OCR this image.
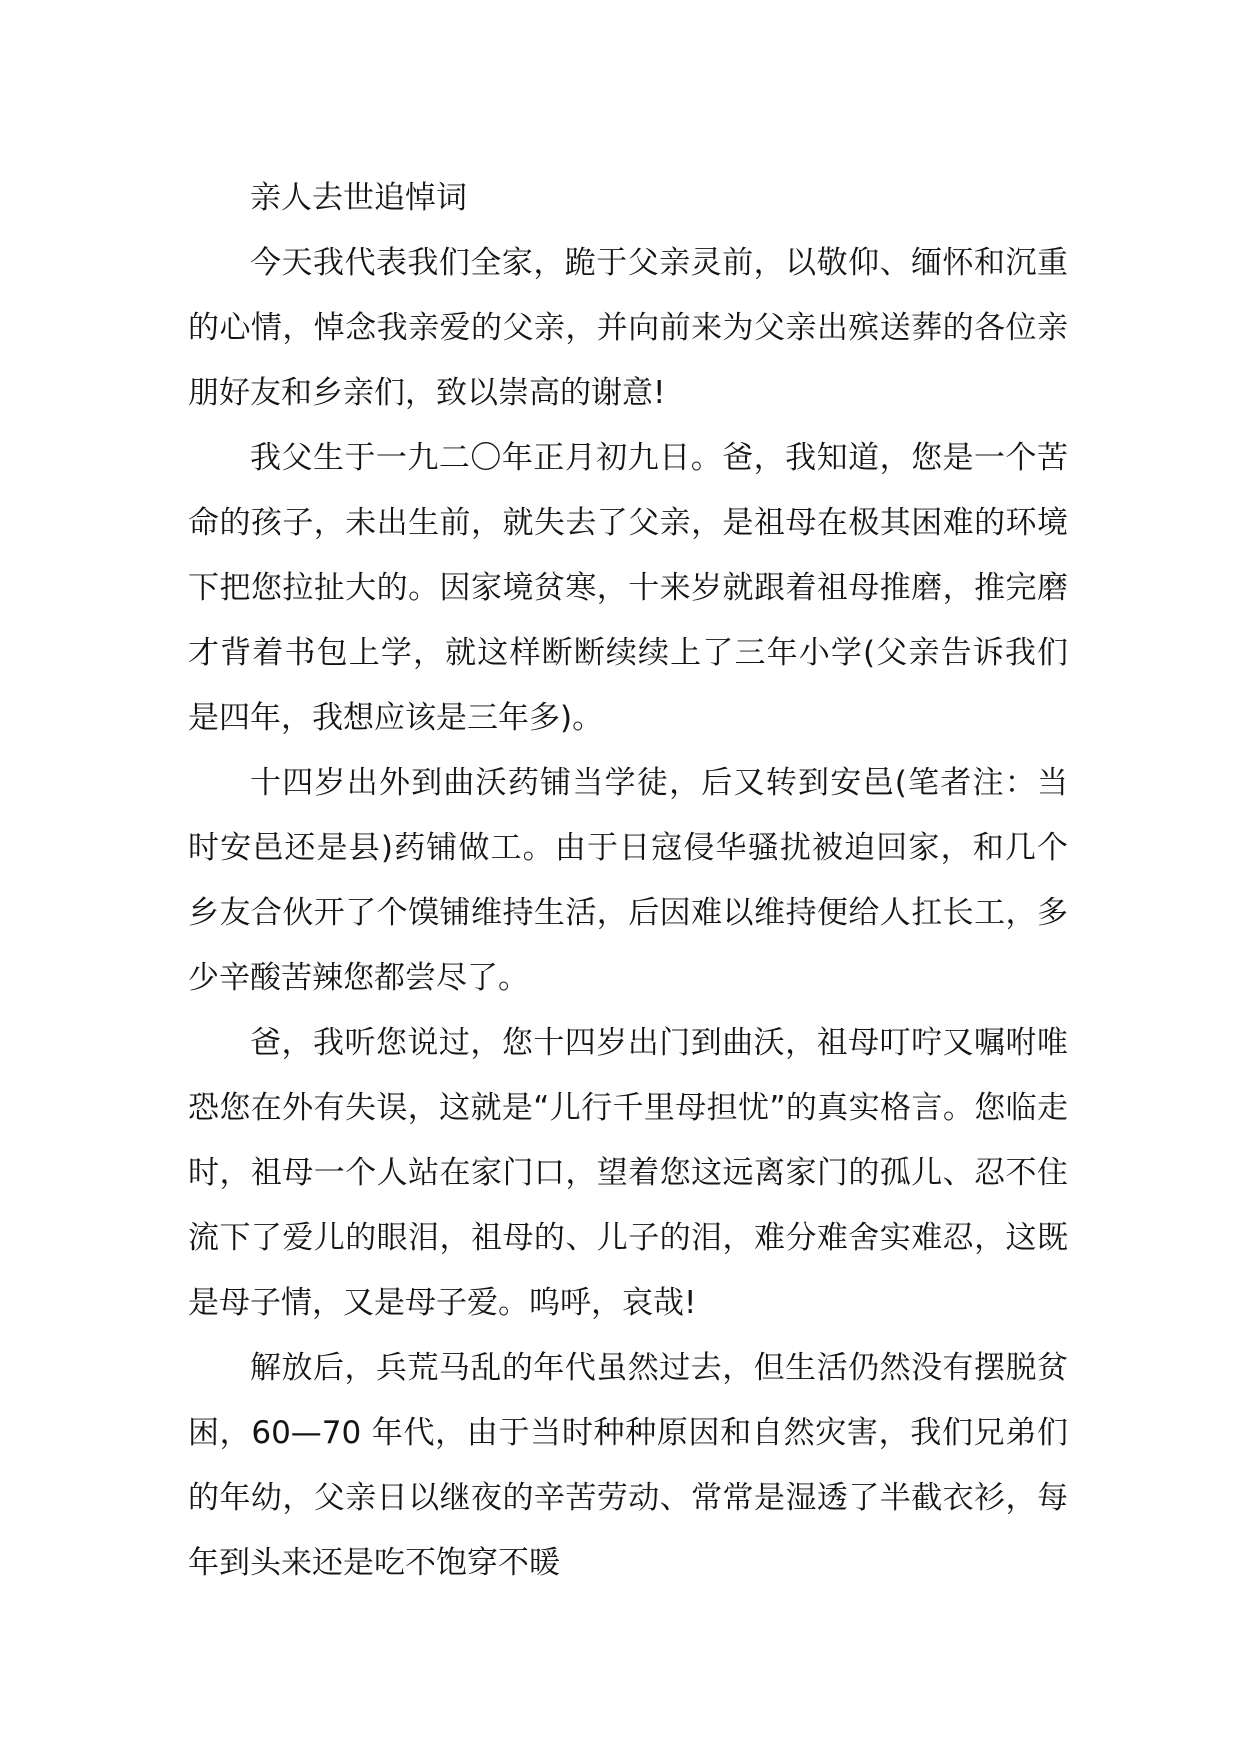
亲人去世追悼词

今天我代表我们全家，跪于父亲灵前，以敬仰、缅怀和沉重的心情，悼念我亲爱的父亲，并向前来为父亲出殡送葬的各位亲朋好友和乡亲们，致以崇高的谢意!

我父生于一九二〇年正月初九日。爸，我知道，您是一个苦命的孩子，未出生前，就失去了父亲，是祖母在极其困难的环境下把您拉扯大的。因家境贫寒，十来岁就跟着祖母推磨，推完磨才背着书包上学，就这样断断续续上了三年小学(父亲告诉我们是四年，我想应该是三年多)。

十四岁出外到曲沃药铺当学徒，后又转到安邑(笔者注：当时安邑还是县)药铺做工。由于日寇侵华骚扰被迫回家，和几个乡友合伙开了个馍铺维持生活，后因难以维持便给人扛长工，多少辛酸苦辣您都尝尽了。

爸，我听您说过，您十四岁出门到曲沃，祖母叮咛又嘱咐唯恐您在外有失误，这就是“儿行千里母担忧”的真实格言。您临走时，祖母一个人站在家门口，望着您这远离家门的孤儿、忍不住流下了爱儿的眼泪，祖母的、儿子的泪，难分难舍实难忍，这既是母子情，又是母子爱。呜呼，哀哉!

解放后，兵荒马乱的年代虽然过去，但生活仍然没有摆脱贫困，60—70 年代，由于当时种种原因和自然灾害，我们兄弟们的年幼，父亲日以继夜的辛苦劳动、常常是湿透了半截衣衫，每年到头来还是吃不饱穿不暖
